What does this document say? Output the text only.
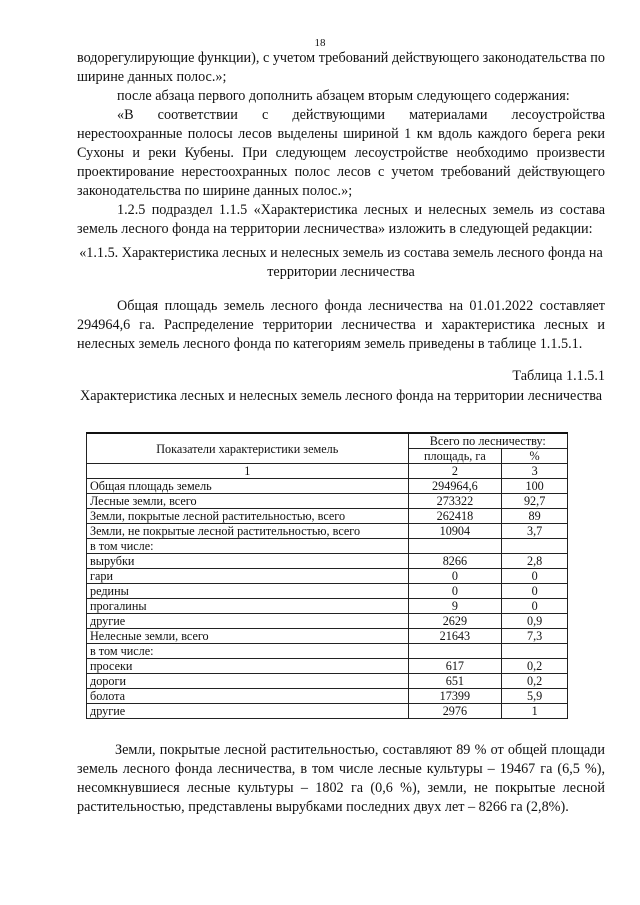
18

водорегулирующие функции), с учетом требований действующего законодательства по ширине данных полос.»;

после абзаца первого дополнить абзацем вторым следующего содержания:

«В соответствии с действующими материалами лесоустройства нерестоохранные полосы лесов выделены шириной 1 км вдоль каждого берега реки Сухоны и реки Кубены. При следующем лесоустройстве необходимо произвести проектирование нерестоохранных полос лесов с учетом требований действующего законодательства по ширине данных полос.»;

1.2.5 подраздел 1.1.5 «Характеристика лесных и нелесных земель из состава земель лесного фонда на территории лесничества» изложить в следующей редакции:

«1.1.5. Характеристика лесных и нелесных земель из состава земель лесного фонда на территории лесничества
Общая площадь земель лесного фонда лесничества на 01.01.2022 составляет 294964,6 га. Распределение территории лесничества и характеристика лесных и нелесных земель лесного фонда по категориям земель приведены в таблице 1.1.5.1.
Таблица 1.1.5.1
Характеристика лесных и нелесных земель лесного фонда на территории лесничества
Показатели характеристики земель	Всего по лесничеству:	
	площадь, га	%
1	2	3
Общая площадь земель	294964,6	100
Лесные земли, всего	273322	92,7
Земли, покрытые лесной растительностью, всего	262418	89
Земли, не покрытые лесной растительностью, всего	10904	3,7
в том числе:		
вырубки	8266	2,8
гари	0	0
редины	0	0
прогалины	9	0
другие	2629	0,9
Нелесные земли, всего	21643	7,3
в том числе:		
просеки	617	0,2
дороги	651	0,2
болота	17399	5,9
другие	2976	1

Земли, покрытые лесной растительностью, составляют 89 % от общей площади земель лесного фонда лесничества, в том числе лесные культуры – 19467 га (6,5 %), несомкнувшиеся лесные культуры – 1802 га (0,6 %), земли, не покрытые лесной растительностью, представлены вырубками последних двух лет – 8266 га (2,8%).
